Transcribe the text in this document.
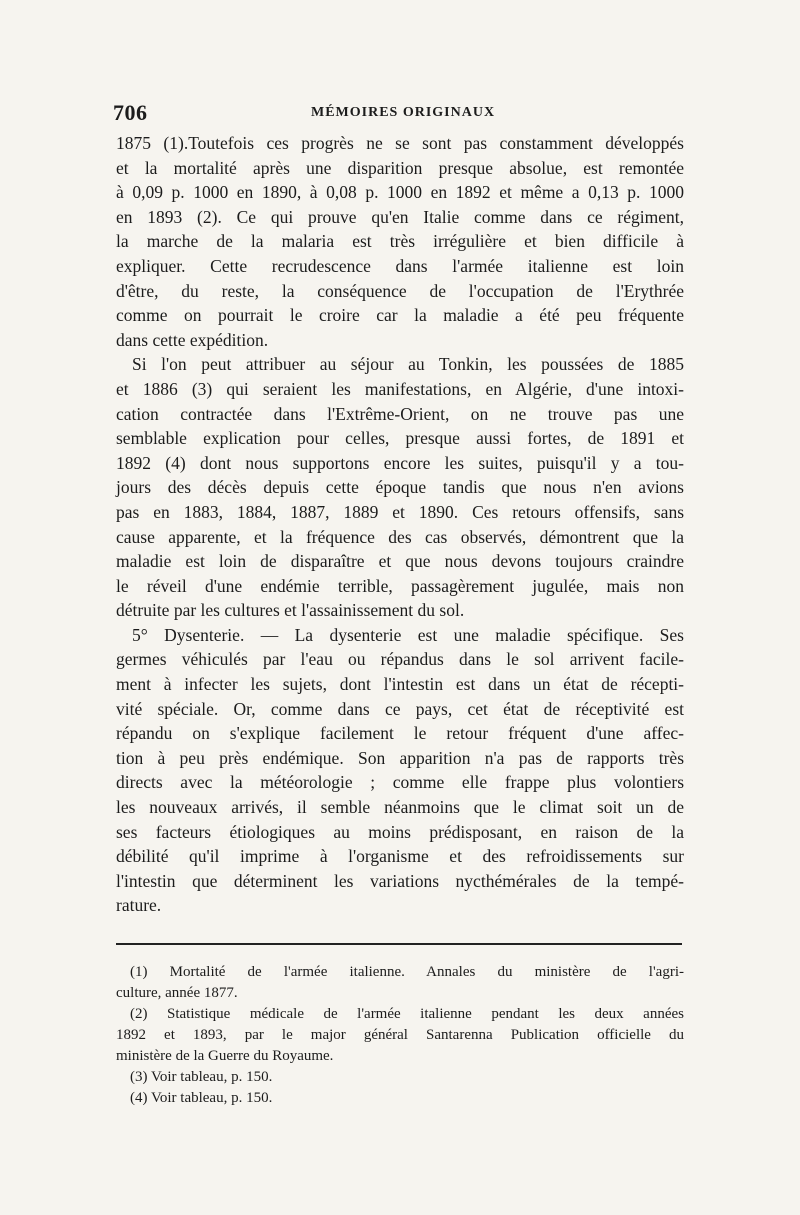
706	MÉMOIRES ORIGINAUX
1875 (1).Toutefois ces progrès ne se sont pas constamment développés
et la mortalité après une disparition presque absolue, est remontée
à 0,09 p. 1000 en 1890, à 0,08 p. 1000 en 1892 et même a 0,13 p. 1000
en 1893 (2). Ce qui prouve qu'en Italie comme dans ce régiment,
la marche de la malaria est très irrégulière et bien difficile à
expliquer. Cette recrudescence dans l'armée italienne est loin
d'être, du reste, la conséquence de l'occupation de l'Erythrée
comme on pourrait le croire car la maladie a été peu fréquente
dans cette expédition.
Si l'on peut attribuer au séjour au Tonkin, les poussées de 1885
et 1886 (3) qui seraient les manifestations, en Algérie, d'une intoxi-
cation contractée dans l'Extrême-Orient, on ne trouve pas une
semblable explication pour celles, presque aussi fortes, de 1891 et
1892 (4) dont nous supportons encore les suites, puisqu'il y a tou-
jours des décès depuis cette époque tandis que nous n'en avions
pas en 1883, 1884, 1887, 1889 et 1890. Ces retours offensifs, sans
cause apparente, et la fréquence des cas observés, démontrent que la
maladie est loin de disparaître et que nous devons toujours craindre
le réveil d'une endémie terrible, passagèrement jugulée, mais non
détruite par les cultures et l'assainissement du sol.
5° Dysenterie. — La dysenterie est une maladie spécifique. Ses
germes véhiculés par l'eau ou répandus dans le sol arrivent facile-
ment à infecter les sujets, dont l'intestin est dans un état de récepti-
vité spéciale. Or, comme dans ce pays, cet état de réceptivité est
répandu on s'explique facilement le retour fréquent d'une affec-
tion à peu près endémique. Son apparition n'a pas de rapports très
directs avec la météorologie ; comme elle frappe plus volontiers
les nouveaux arrivés, il semble néanmoins que le climat soit un de
ses facteurs étiologiques au moins prédisposant, en raison de la
débilité qu'il imprime à l'organisme et des refroidissements sur
l'intestin que déterminent les variations nycthémérales de la tempé-
rature.
(1) Mortalité de l'armée italienne. Annales du ministère de l'agri-
culture, année 1877.
(2) Statistique médicale de l'armée italienne pendant les deux années
1892 et 1893, par le major général Santarenna Publication officielle du
ministère de la Guerre du Royaume.
(3) Voir tableau, p. 150.
(4) Voir tableau, p. 150.
